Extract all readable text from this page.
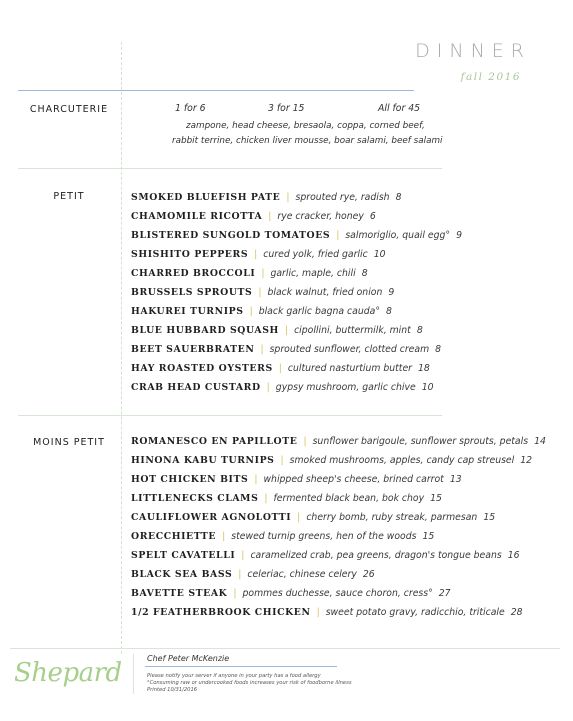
DINNER
fall 2016
CHARCUTERIE	1 for 6	3 for 15	All for 45
zampone, head cheese, bresaola, coppa, corned beef,
rabbit terrine, chicken liver mousse, boar salami, beef salami
PETIT	SMOKED BLUEFISH PATE | sprouted rye, radish 8
CHAMOMILE RICOTTA | rye cracker, honey 6
BLISTERED SUNGOLD TOMATOES | salmoriglio, quail egg° 9
SHISHITO PEPPERS | cured yolk, fried garlic 10
CHARRED BROCCOLI | garlic, maple, chili 8
BRUSSELS SPROUTS | black walnut, fried onion 9
HAKUREI TURNIPS | black garlic bagna cauda° 8
BLUE HUBBARD SQUASH | cipollini, buttermilk, mint 8
BEET SAUERBRATEN | sprouted sunflower, clotted cream 8
HAY ROASTED OYSTERS | cultured nasturtium butter 18
CRAB HEAD CUSTARD | gypsy mushroom, garlic chive 10
MOINS PETIT	ROMANESCO EN PAPILLOTE | sunflower barigoule, sunflower sprouts, petals 14
HINONA KABU TURNIPS | smoked mushrooms, apples, candy cap streusel 12
HOT CHICKEN BITS | whipped sheep's cheese, brined carrot 13
LITTLENECKS CLAMS | fermented black bean, bok choy 15
CAULIFLOWER AGNOLOTTI | cherry bomb, ruby streak, parmesan 15
ORECCHIETTE | stewed turnip greens, hen of the woods 15
SPELT CAVATELLI | caramelized crab, pea greens, dragon's tongue beans 16
BLACK SEA BASS | celeriac, chinese celery 26
BAVETTE STEAK | pommes duchesse, sauce choron, cress° 27
1/2 FEATHERBROOK CHICKEN | sweet potato gravy, radicchio, triticale 28
Shepard	Chef Peter McKenzie
Please notify your server if anyone in your party has a food allergy
°Consuming raw or undercooked foods increases your risk of foodborne illness
Printed 10/31/2016
